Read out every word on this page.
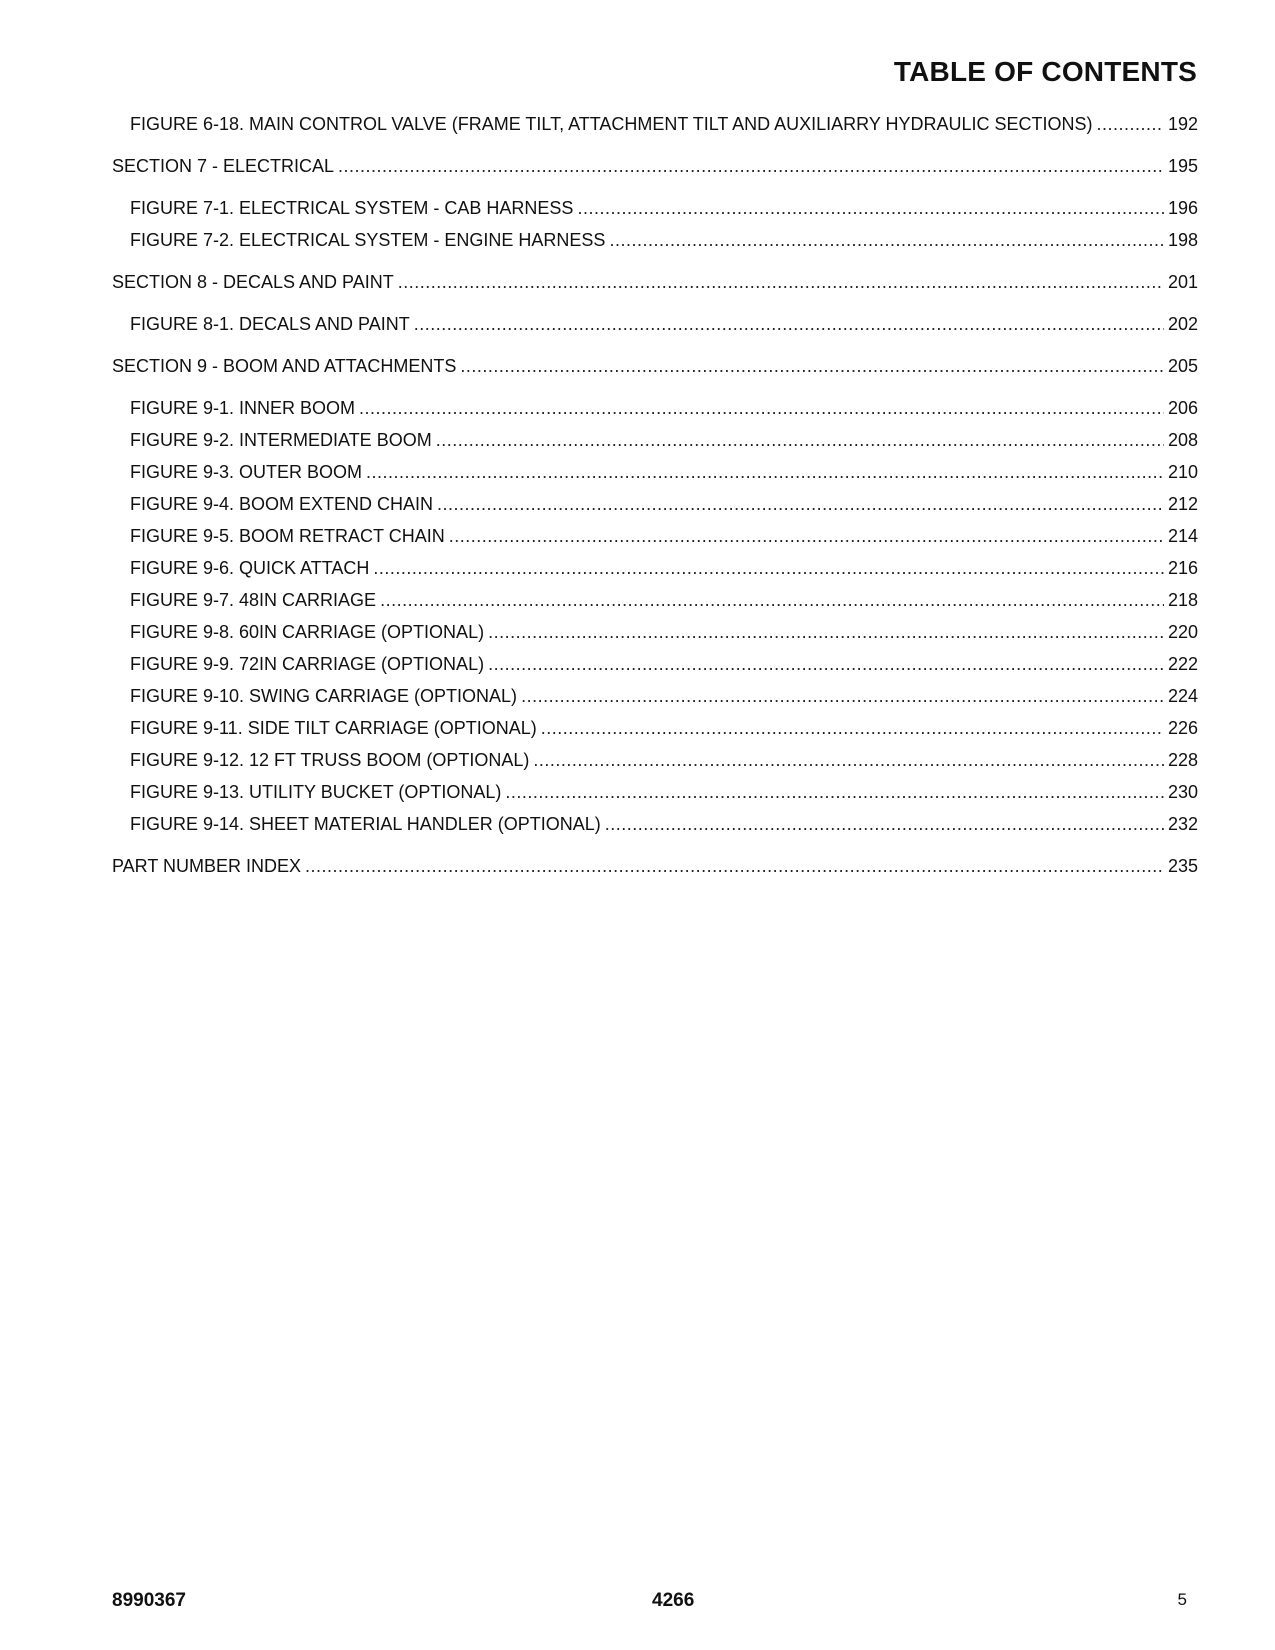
TABLE OF CONTENTS
FIGURE 6-18. MAIN CONTROL VALVE (FRAME TILT, ATTACHMENT TILT AND AUXILIARRY HYDRAULIC SECTIONS) .....	192
SECTION 7 - ELECTRICAL .....	195
FIGURE 7-1. ELECTRICAL SYSTEM - CAB HARNESS .....	196
FIGURE 7-2. ELECTRICAL SYSTEM - ENGINE HARNESS .....	198
SECTION 8 - DECALS AND PAINT .....	201
FIGURE 8-1. DECALS AND PAINT .....	202
SECTION 9 - BOOM AND ATTACHMENTS .....	205
FIGURE 9-1. INNER BOOM .....	206
FIGURE 9-2. INTERMEDIATE BOOM .....	208
FIGURE 9-3. OUTER BOOM .....	210
FIGURE 9-4. BOOM EXTEND CHAIN .....	212
FIGURE 9-5. BOOM RETRACT CHAIN .....	214
FIGURE 9-6. QUICK ATTACH .....	216
FIGURE 9-7. 48IN CARRIAGE .....	218
FIGURE 9-8. 60IN CARRIAGE (OPTIONAL) .....	220
FIGURE 9-9. 72IN CARRIAGE (OPTIONAL) .....	222
FIGURE 9-10. SWING CARRIAGE (OPTIONAL) .....	224
FIGURE 9-11. SIDE TILT CARRIAGE (OPTIONAL) .....	226
FIGURE 9-12. 12 FT TRUSS BOOM (OPTIONAL) .....	228
FIGURE 9-13. UTILITY BUCKET (OPTIONAL) .....	230
FIGURE 9-14. SHEET MATERIAL HANDLER (OPTIONAL) .....	232
PART NUMBER INDEX .....	235
8990367	4266	5
